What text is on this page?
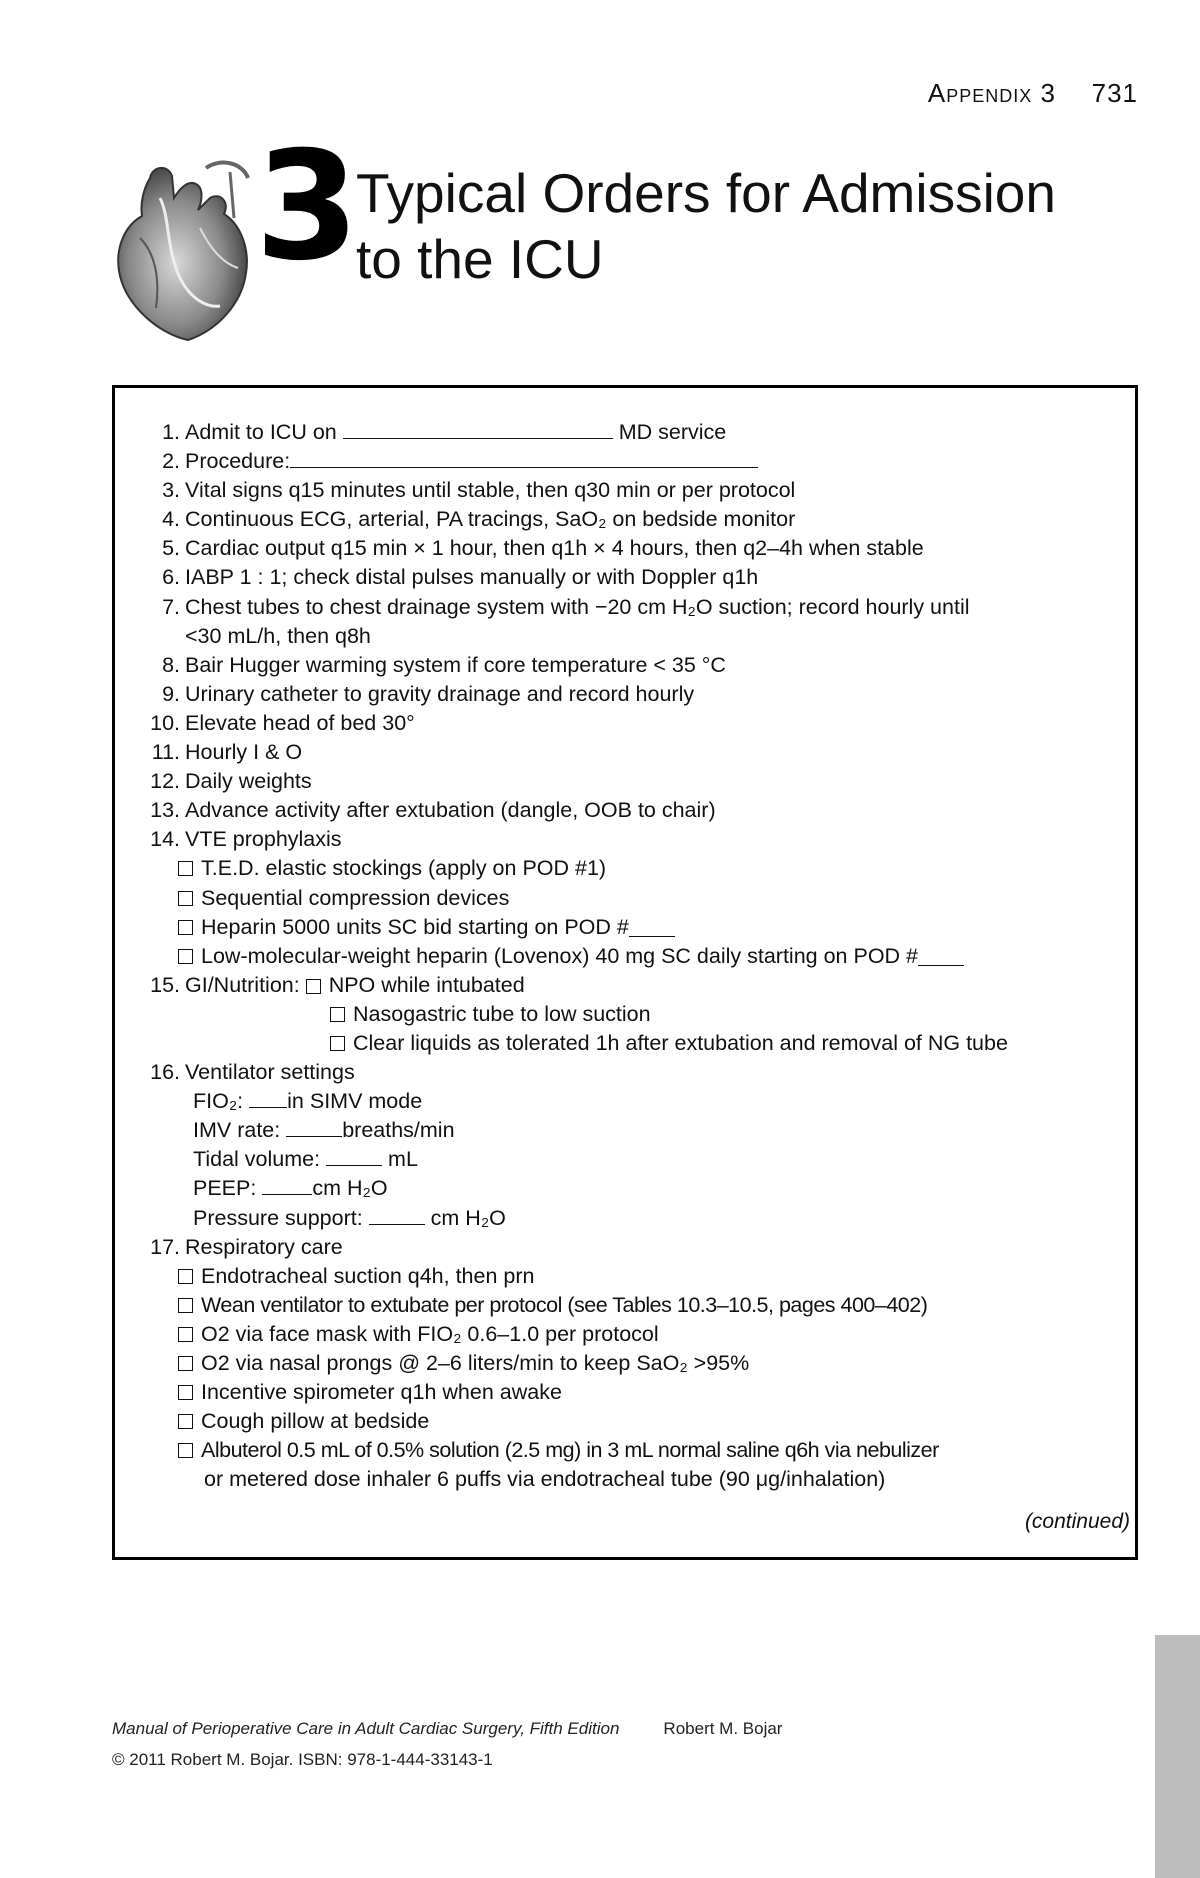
Appendix 3 731
3
Typical Orders for Admission
to the ICU
1. Admit to ICU on	MD service
2. Procedure:
3. Vital signs q15 minutes until stable, then q30 min or per protocol
4. Continuous ECG, arterial, PA tracings, SaO₂ on bedside monitor
5. Cardiac output q15 min × 1 hour, then q1h × 4 hours, then q2–4h when stable
6. IABP 1 : 1; check distal pulses manually or with Doppler q1h
7. Chest tubes to chest drainage system with −20 cm H₂O suction; record hourly until
<30 mL/h, then q8h
8. Bair Hugger warming system if core temperature < 35 °C
9. Urinary catheter to gravity drainage and record hourly
10. Elevate head of bed 30°
11. Hourly I & O
12. Daily weights
13. Advance activity after extubation (dangle, OOB to chair)
14. VTE prophylaxis
T.E.D. elastic stockings (apply on POD #1)
Sequential compression devices
Heparin 5000 units SC bid starting on POD #
Low-molecular-weight heparin (Lovenox) 40 mg SC daily starting on POD #
15. GI/Nutrition: NPO while intubated
Nasogastric tube to low suction
Clear liquids as tolerated 1h after extubation and removal of NG tube
16. Ventilator settings
FIO₂: in SIMV mode
IMV rate:	breaths/min
Tidal volume:	mL
PEEP:	cm H₂O
Pressure support:	cm H₂O
17. Respiratory care
Endotracheal suction q4h, then prn
Wean ventilator to extubate per protocol (see Tables 10.3–10.5, pages 400–402)
O2 via face mask with FIO₂ 0.6–1.0 per protocol
O2 via nasal prongs @ 2–6 liters/min to keep SaO₂ >95%
Incentive spirometer q1h when awake
Cough pillow at bedside
Albuterol 0.5 mL of 0.5% solution (2.5 mg) in 3 mL normal saline q6h via nebulizer
or metered dose inhaler 6 puffs via endotracheal tube (90 μg/inhalation)
(continued)
Manual of Perioperative Care in Adult Cardiac Surgery, Fifth Edition	Robert M. Bojar
© 2011 Robert M. Bojar. ISBN: 978-1-444-33143-1
